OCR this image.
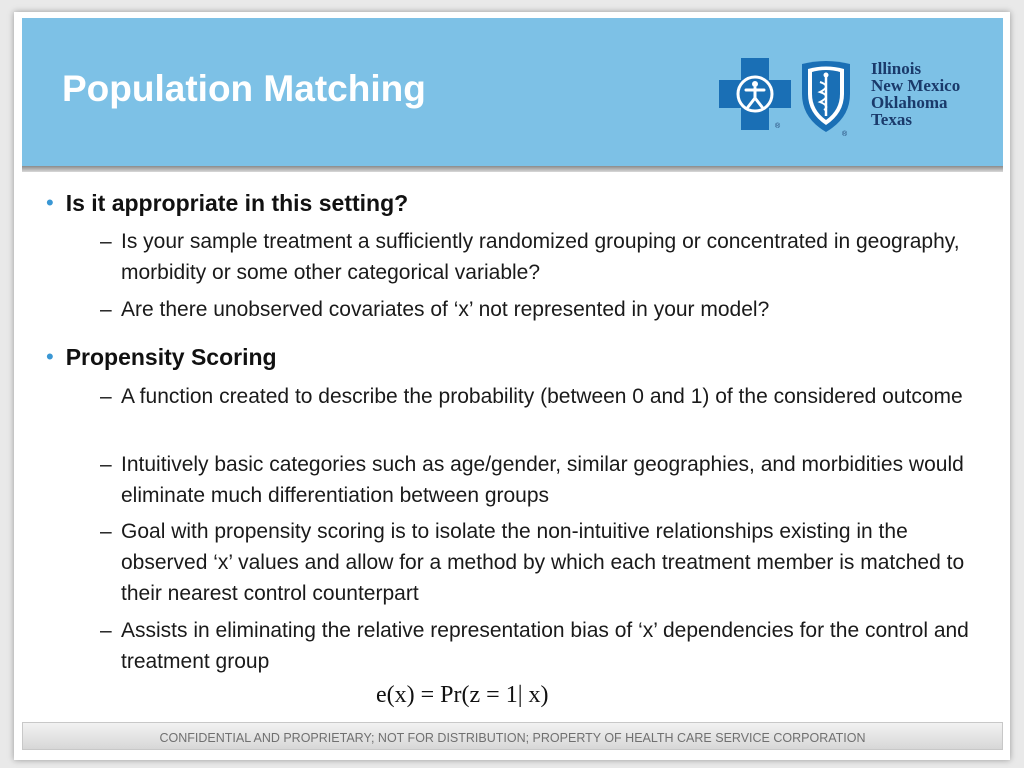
Population Matching
®
®
Illinois
New Mexico
Oklahoma
Texas
• Is it appropriate in this setting?
– Is your sample treatment a sufficiently randomized grouping or concentrated in geography, morbidity or some other categorical variable?
– Are there unobserved covariates of ‘x’ not represented in your model?
• Propensity Scoring
– A function created to describe the probability (between 0 and 1) of the considered outcome
– Intuitively basic categories such as age/gender, similar geographies, and morbidities would eliminate much differentiation between groups
– Goal with propensity scoring is to isolate the non-intuitive relationships existing in the observed ‘x’ values and allow for a method by which each treatment member is matched to their nearest control counterpart
– Assists in eliminating the relative representation bias of ‘x’ dependencies for the control and treatment group
e(x) = Pr(z = 1| x)
CONFIDENTIAL AND PROPRIETARY; NOT FOR DISTRIBUTION; PROPERTY OF HEALTH CARE SERVICE CORPORATION
